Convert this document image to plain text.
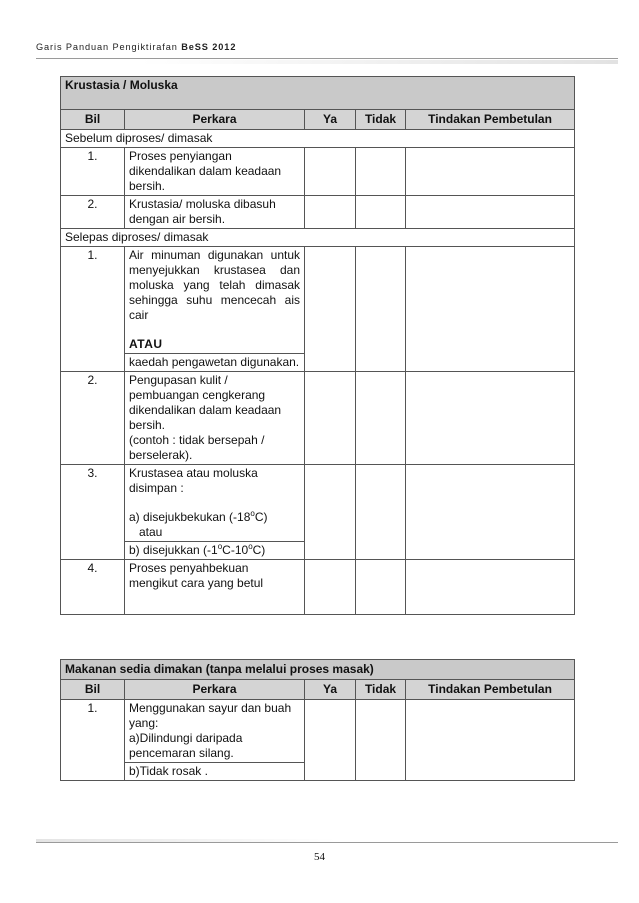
Garis Panduan Pengiktirafan BeSS 2012
Krustasia / Moluska				
Bil	Perkara	Ya	Tidak	Tindakan Pembetulan
Sebelum diproses/ dimasak				
1.	Proses penyiangan dikendalikan dalam keadaan bersih.			
2.	Krustasia/ moluska dibasuh dengan air bersih.			
Selepas diproses/ dimasak				
1.	Air minuman digunakan untuk menyejukkan krustasea dan moluska yang telah dimasak sehingga suhu mencecah ais cair
ATAU			
	kaedah pengawetan digunakan.			
2.	Pengupasan kulit / pembuangan cengkerang dikendalikan dalam keadaan bersih.
(contoh : tidak bersepah / berselerak).			
3.	Krustasea atau moluska disimpan :
a) disejukbekukan (-18$^o$C)
atau			
	b) disejukkan (-1$^o$C-10$^o$C)			
4.	Proses penyahbekuan mengikut cara yang betul			
Makanan sedia dimakan (tanpa melalui proses masak)				
Bil	Perkara	Ya	Tidak	Tindakan Pembetulan
1.	Menggunakan sayur dan buah yang:
a)Dilindungi daripada pencemaran silang.			
	b)Tidak rosak .			
54
